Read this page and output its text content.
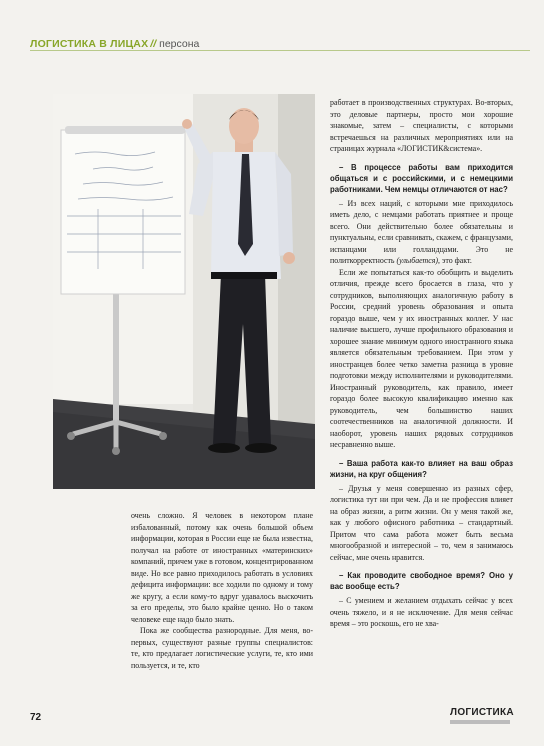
ЛОГИСТИКА В ЛИЦАХ // персона

работает в производственных структурах. Во-вторых, это деловые партнеры, просто мои хорошие знакомые, затем – специалисты, с которыми встречаешься на различных мероприятиях или на страницах журнала «ЛОГИСТИК&система».

– В процессе работы вам приходится общаться и с российскими, и с немецкими работниками. Чем немцы отличаются от нас?

– Из всех наций, с которыми мне приходилось иметь дело, с немцами работать приятнее и проще всего. Они действительно более обязательны и пунктуальны, если сравнивать, скажем, с французами, испанцами или голландцами. Это не политкорректность (улыбается), это факт.

Если же попытаться как-то обобщить и выделить отличия, прежде всего бросается в глаза, что у сотрудников, выполняющих аналогичную работу в России, средний уровень образования и опыта гораздо выше, чем у их иностранных коллег. У нас наличие высшего, лучше профильного образования и хорошее знание минимум одного иностранного языка является обязательным требованием. При этом у иностранцев более четко заметна разница в уровне подготовки между исполнителями и руководителями. Иностранный руководитель, как правило, имеет гораздо более высокую квалификацию именно как руководитель, чем большинство наших соотечественников на аналогичной должности. И наоборот, уровень наших рядовых сотрудников несравненно выше.

– Ваша работа как-то влияет на ваш образ жизни, на круг общения?

– Друзья у меня совершенно из разных сфер, логистика тут ни при чем. Да и не профессия влияет на образ жизни, а ритм жизни. Он у меня такой же, как у любого офисного работника – стандартный. Притом что сама работа может быть весьма многообразной и интересной – то, чем я занимаюсь сейчас, мне очень нравится.

– Как проводите свободное время? Оно у вас вообще есть?

– С умением и желанием отдыхать сейчас у всех очень тяжело, и я не исключение. Для меня сейчас время – это роскошь, его не хва-

очень сложно. Я человек в некотором плане избалованный, потому как очень большой объем информации, которая в России еще не была известна, получал на работе от иностранных «материнских» компаний, причем уже в готовом, концентрированном виде. Но все равно приходилось работать в условиях дефицита информации: все ходили по одному и тому же кругу, а если кому-то вдруг удавалось выскочить за его пределы, это было крайне ценно. Но о таком человеке еще надо было знать.

Пока же сообщества разнородные. Для меня, во-первых, существуют разные группы специалистов: те, кто предлагает логистические услуги, те, кто ими пользуется, и те, кто

72	ЛОГИСТИКА
